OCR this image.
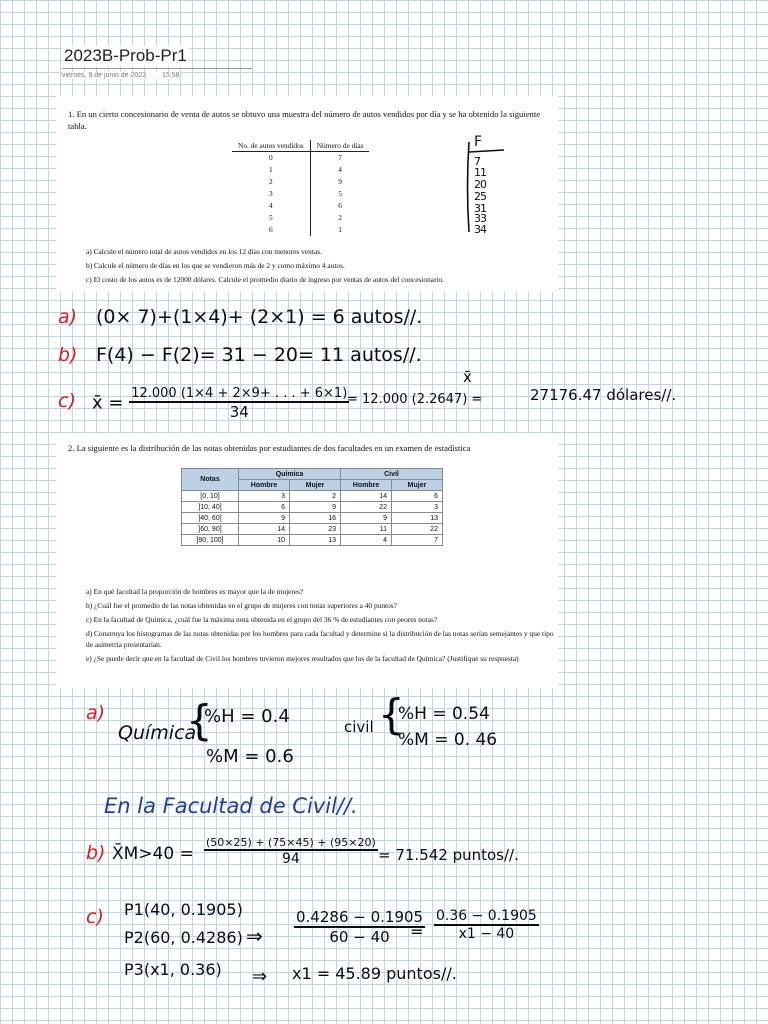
2023B-Prob-Pr1
viernes, 9 de junio de 2023 15:58

1. En un cierto concesionario de venta de autos se obtuvo una muestra del número de autos vendidos por día y se ha obtenido la siguiente tabla.

No. de autos vendidos	Número de días
0	7
1	4
2	9
3	5
4	6
5	2
6	1
F
7
11
20
25
31
33
34
a) Calcule el número total de autos vendidos en los 12 días con menores ventas.
b) Calcule el número de días en los que se vendieron más de 2 y como máximo 4 autos.
c) El costo de los autos es de 12000 dólares. Calcule el promedio diario de ingreso por ventas de autos del concesionario.
a) (0× 7)+(1×4)+ (2×1) = 6 autos//.
b) F(4) − F(2)= 31 − 20= 11 autos//.
c) x̄ = $\frac{12.000 (1\times 4 + 2\times 9+ . . . + 6\times 1)}{34}$
x̄
= 12.000 (2.2647) =	27176.47 dólares//.

2. La siguiente es la distribución de las notas obtenidas por estudiantes de dos facultades en un examen de estadística

Notas	Química		Civil	
	Hombre	Mujer	Hombre	Mujer
[0, 10]	3	2	14	6
]10, 40]	6	9	22	3
]40, 60]	9	16	9	13
]60, 90]	14	23	11	22
]90, 100]	10	13	4	7
a) En qué facultad la proporción de hombres es mayor que la de mujeres?
b) ¿Cuál fue el promedio de las notas obtenidas en el grupo de mujeres con notas superiores a 40 puntos?
c) En la facultad de Química, ¿cuál fue la máxima nota obtenida en el grupo del 36 % de estudiantes con peores notas?
d) Construya los histogramas de las notas obtenidas por los hombres para cada facultad y determine si la distribución de las notas serían semejantes y que tipo de asimetría presentarían.
e) ¿Se puede decir que en la facultad de Civil los hombres tuvieron mejores resultados que los de la facultad de Química? (Justifique su respuesta)
a)
Química
{
%H = 0.4
%M = 0.6
civil {
%H = 0.54
%M = 0. 46
En la Facultad de Civil//.
b) X̄M>40 = $\frac{(50\times 25) + (75\times 45) + (95\times 20)}{94} = 71.542$ puntos//.
c) P1(40, 0.1905)
P2(60, 0.4286)
P3(x1, 0.36)
⇒ $\frac{0.4286 - 0.1905}{60 - 40}$
= $\frac{0.36 - 0.1905}{x1 - 40}$
⇒ x1 = 45.89 puntos//.
